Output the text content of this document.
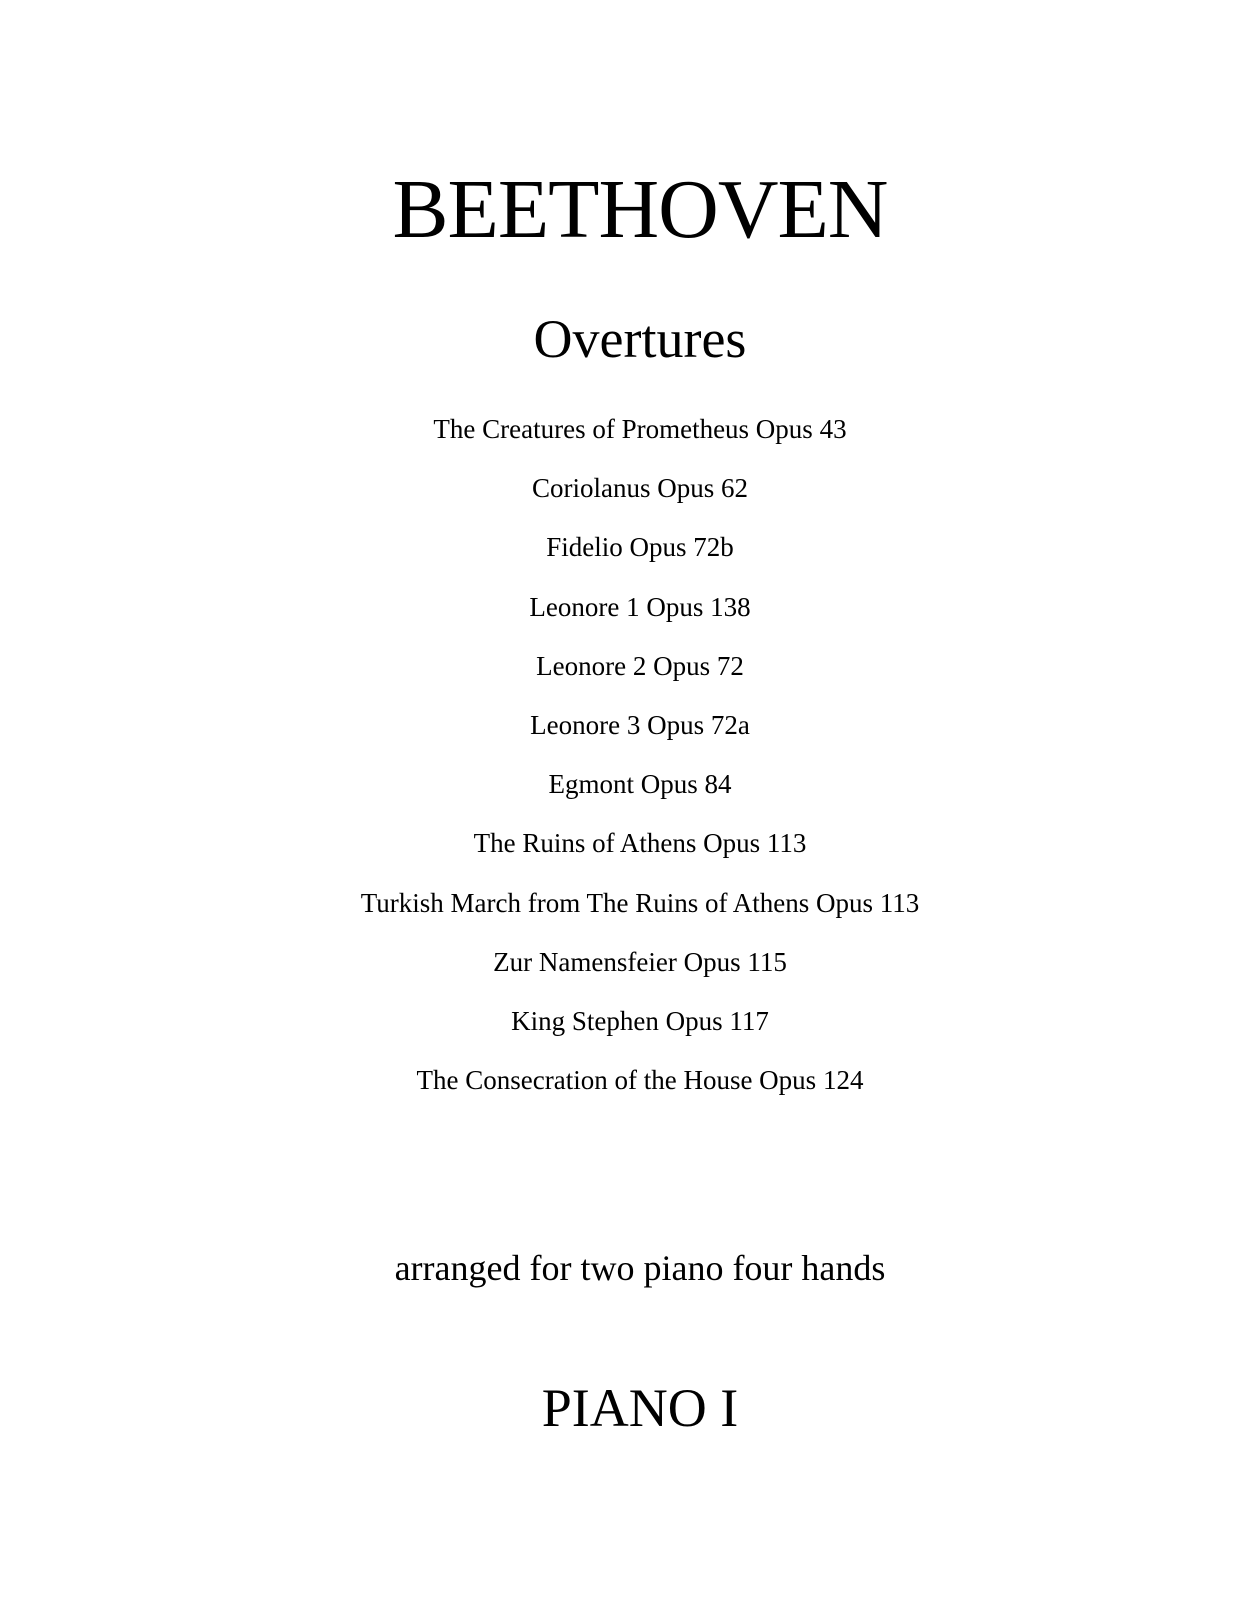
BEETHOVEN
Overtures
The Creatures of Prometheus Opus 43
Coriolanus Opus 62
Fidelio Opus 72b
Leonore 1 Opus 138
Leonore 2 Opus 72
Leonore 3 Opus 72a
Egmont Opus 84
The Ruins of Athens Opus 113
Turkish March from The Ruins of Athens Opus 113
Zur Namensfeier Opus 115
King Stephen Opus 117
The Consecration of the House Opus 124
arranged for two piano four hands
PIANO I
